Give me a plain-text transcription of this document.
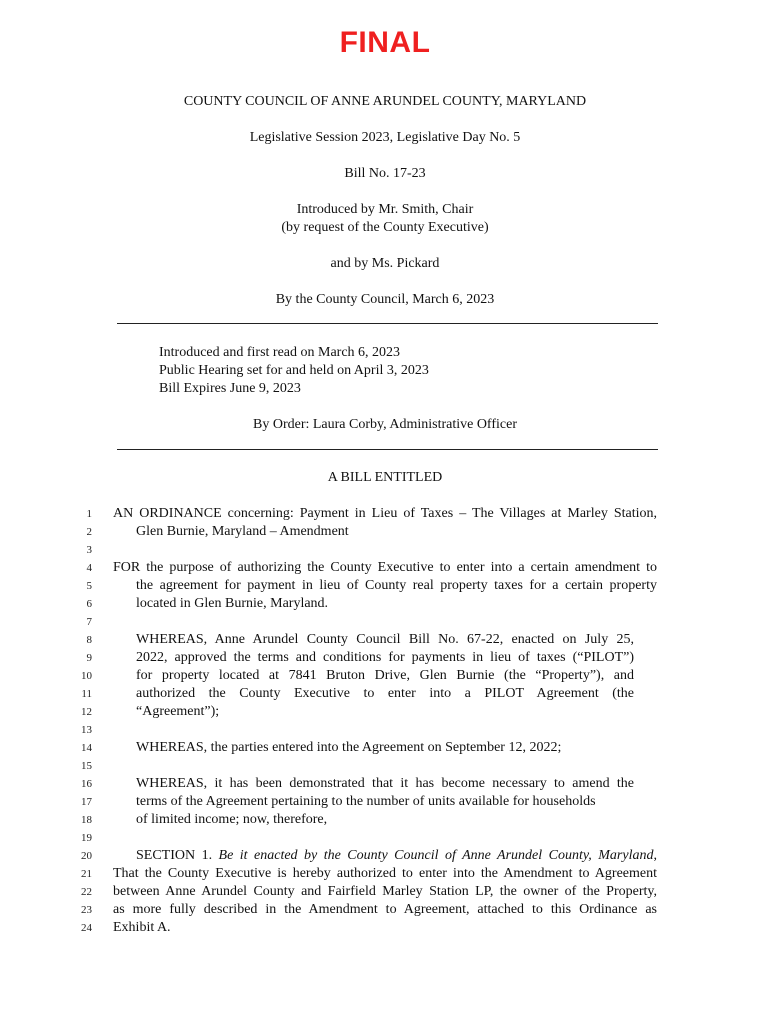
FINAL
COUNTY COUNCIL OF ANNE ARUNDEL COUNTY, MARYLAND
Legislative Session 2023, Legislative Day No. 5
Bill No. 17-23
Introduced by Mr. Smith, Chair
(by request of the County Executive)
and by Ms. Pickard
By the County Council, March 6, 2023
Introduced and first read on March 6, 2023
Public Hearing set for and held on April 3, 2023
Bill Expires June 9, 2023
By Order: Laura Corby, Administrative Officer
A BILL ENTITLED
1
2
3
4
5
6
7
8
9
10
11
12
13
14
15
16
17
18
19
20
21
22
23
24
AN ORDINANCE concerning: Payment in Lieu of Taxes – The Villages at Marley Station,
Glen Burnie, Maryland – Amendment
FOR the purpose of authorizing the County Executive to enter into a certain amendment to
the agreement for payment in lieu of County real property taxes for a certain property
located in Glen Burnie, Maryland.
WHEREAS, Anne Arundel County Council Bill No. 67-22, enacted on July 25,
2022, approved the terms and conditions for payments in lieu of taxes (“PILOT”)
for property located at 7841 Bruton Drive, Glen Burnie (the “Property”), and
authorized the County Executive to enter into a PILOT Agreement (the
“Agreement”);
WHEREAS, the parties entered into the Agreement on September 12, 2022;
WHEREAS, it has been demonstrated that it has become necessary to amend the
terms of the Agreement pertaining to the number of units available for households
of limited income; now, therefore,
SECTION 1. Be it enacted by the County Council of Anne Arundel County, Maryland,
That the County Executive is hereby authorized to enter into the Amendment to Agreement
between Anne Arundel County and Fairfield Marley Station LP, the owner of the Property,
as more fully described in the Amendment to Agreement, attached to this Ordinance as
Exhibit A.
